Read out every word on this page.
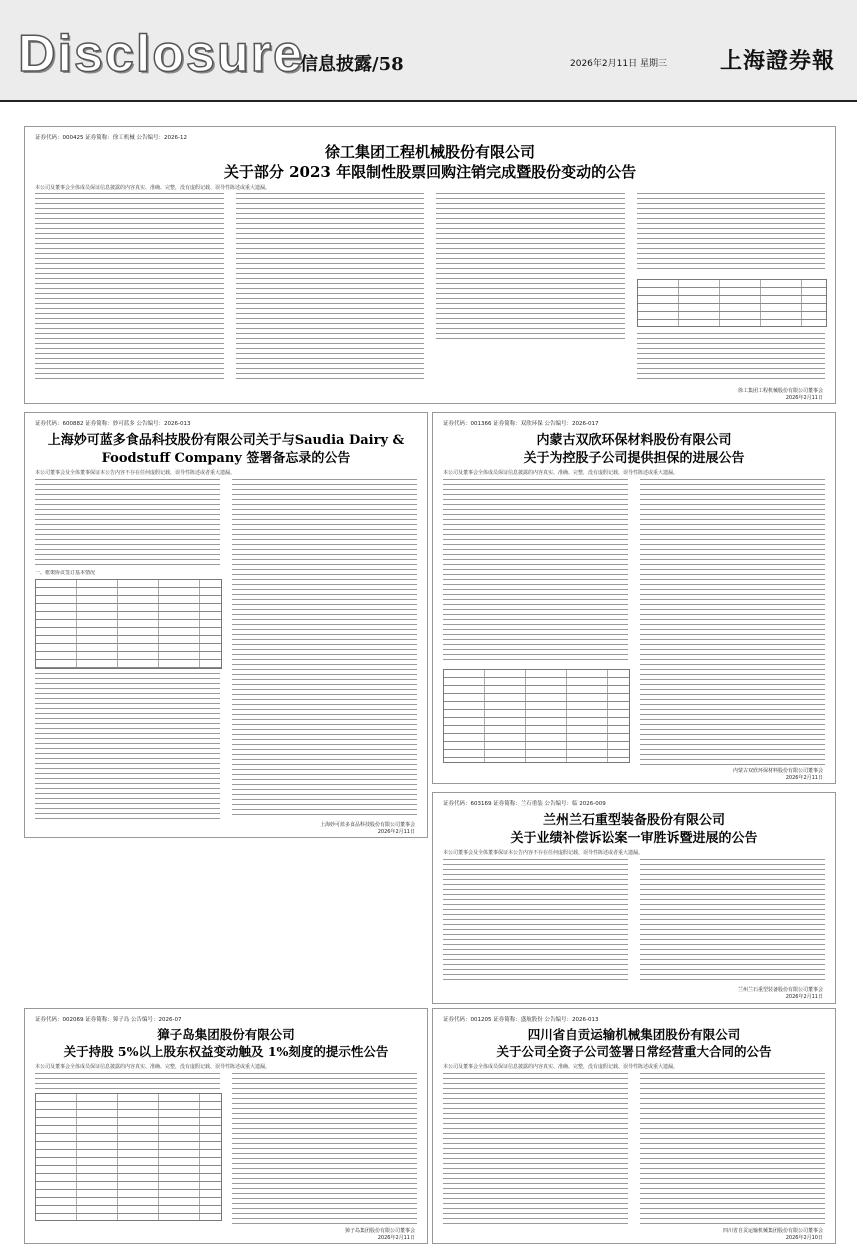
Disclosure
信息披露/58	2026年2月11日 星期三 上海證券報
证券代码：000425 证券简称：徐工机械 公告编号：2026-12
徐工集团工程机械股份有限公司
关于部分 2023 年限制性股票回购注销完成暨股份变动的公告
本公司及董事会全体成员保证信息披露的内容真实、准确、完整，没有虚假记载、误导性陈述或重大遗漏。
徐工集团工程机械股份有限公司董事会
2026年2月11日
证券代码：600882 证券简称：妙可蓝多 公告编号：2026-013
上海妙可蓝多食品科技股份有限公司关于与Saudia Dairy &
Foodstuff Company 签署备忘录的公告
本公司董事会及全体董事保证本公告内容不存在任何虚假记载、误导性陈述或者重大遗漏。
一、框架协议签订基本情况
上海妙可蓝多食品科技股份有限公司董事会
2026年2月11日
证券代码：001366 证券简称：双欣环保 公告编号：2026-017
内蒙古双欣环保材料股份有限公司
关于为控股子公司提供担保的进展公告
本公司及董事会全体成员保证信息披露的内容真实、准确、完整，没有虚假记载、误导性陈述或重大遗漏。
内蒙古双欣环保材料股份有限公司董事会
2026年2月11日
证券代码：603169 证券简称：兰石重装 公告编号：临 2026-009
兰州兰石重型装备股份有限公司
关于业绩补偿诉讼案一审胜诉暨进展的公告
本公司董事会及全体董事保证本公告内容不存在任何虚假记载、误导性陈述或者重大遗漏。
兰州兰石重型装备股份有限公司董事会
2026年2月11日
证券代码：002069 证券简称：獐子岛 公告编号：2026-07
獐子岛集团股份有限公司
关于持股 5%以上股东权益变动触及 1%刻度的提示性公告
本公司及董事会全体成员保证信息披露的内容真实、准确、完整，没有虚假记载、误导性陈述或重大遗漏。
獐子岛集团股份有限公司董事会
2026年2月11日
证券代码：001205 证券简称：盛航股份 公告编号：2026-013
四川省自贡运输机械集团股份有限公司
关于公司全资子公司签署日常经营重大合同的公告
本公司及董事会全体成员保证信息披露的内容真实、准确、完整，没有虚假记载、误导性陈述或重大遗漏。
四川省自贡运输机械集团股份有限公司董事会
2026年2月10日
